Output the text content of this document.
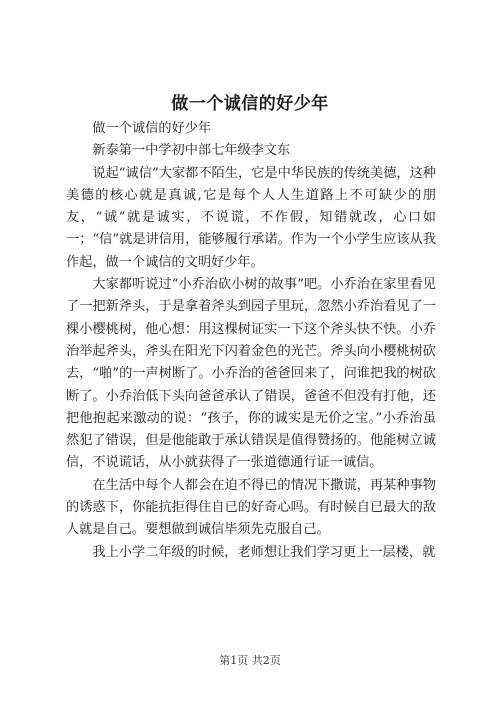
做一个诚信的好少年

做一个诚信的好少年

新泰第一中学初中部七年级李文东

说起“诚信”大家都不陌生，它是中华民族的传统美德，这种美德的核心就是真诚,它是每个人人生道路上不可缺少的朋友，“诚”就是诚实，不说谎，不作假，知错就改，心口如一；“信”就是讲信用，能够履行承诺。作为一个小学生应该从我作起，做一个诚信的文明好少年。

大家都听说过“小乔治砍小树的故事”吧。小乔治在家里看见了一把新斧头，于是拿着斧头到园子里玩，忽然小乔治看见了一棵小樱桃树，他心想：用这棵树证实一下这个斧头快不快。小乔治举起斧头，斧头在阳光下闪着金色的光芒。斧头向小樱桃树砍去，“啪”的一声树断了。小乔治的爸爸回来了，问谁把我的树砍断了。小乔治低下头向爸爸承认了错误，爸爸不但没有打他，还把他抱起来激动的说：“孩子，你的诚实是无价之宝。”小乔治虽然犯了错误，但是他能敢于承认错误是值得赞扬的。他能树立诚信，不说谎话，从小就获得了一张道德通行证一诚信。

在生活中每个人都会在迫不得已的情况下撒谎，再某种事物的诱惑下，你能抗拒得住自已的好奇心吗。有时候自已最大的敌人就是自己。要想做到诚信毕须先克服自己。

我上小学二年级的时候，老师想让我们学习更上一层楼，就

第1页 共2页
